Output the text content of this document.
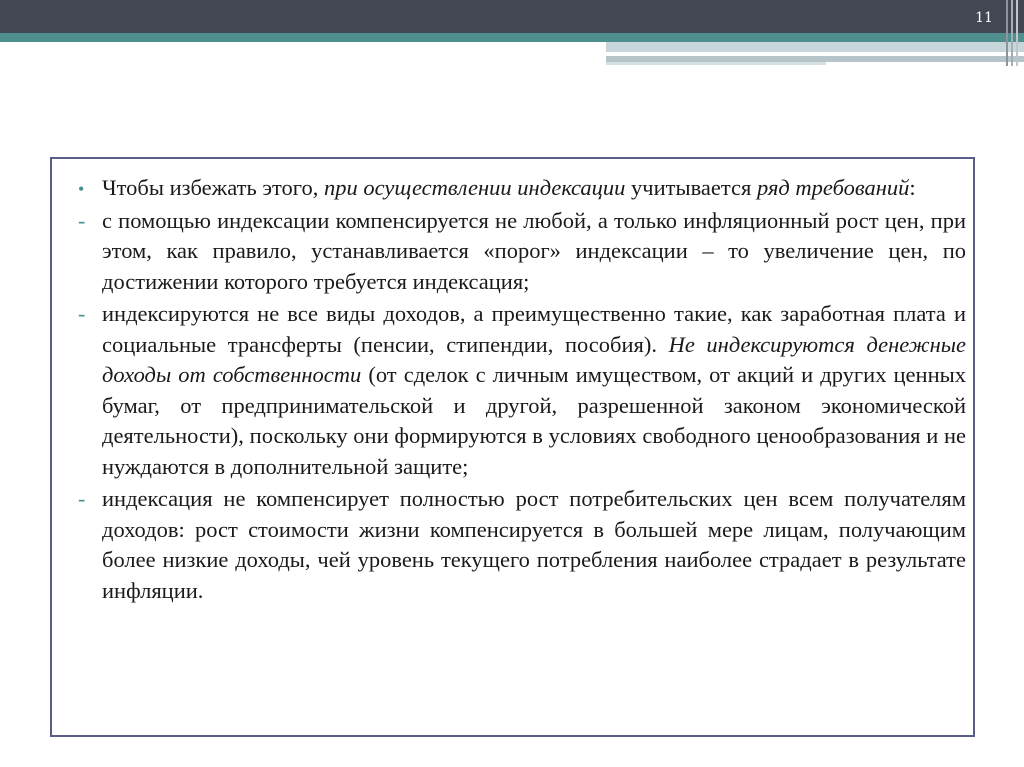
11

• Чтобы избежать этого, при осуществлении индексации учитывается ряд требований:

- с помощью индексации компенсируется не любой, а только инфляционный рост цен, при этом, как правило, устанавливается «порог» индексации – то увеличение цен, по достижении которого требуется индексация;

- индексируются не все виды доходов, а преимущественно такие, как заработная плата и социальные трансферты (пенсии, стипендии, пособия). Не индексируются денежные доходы от собственности (от сделок с личным имуществом, от акций и других ценных бумаг, от предпринимательской и другой, разрешенной законом экономической деятельности), поскольку они формируются в условиях свободного ценообразования и не нуждаются в дополнительной защите;

- индексация не компенсирует полностью рост потребительских цен всем получателям доходов: рост стоимости жизни компенсируется в большей мере лицам, получающим более низкие доходы, чей уровень текущего потребления наиболее страдает в результате инфляции.
